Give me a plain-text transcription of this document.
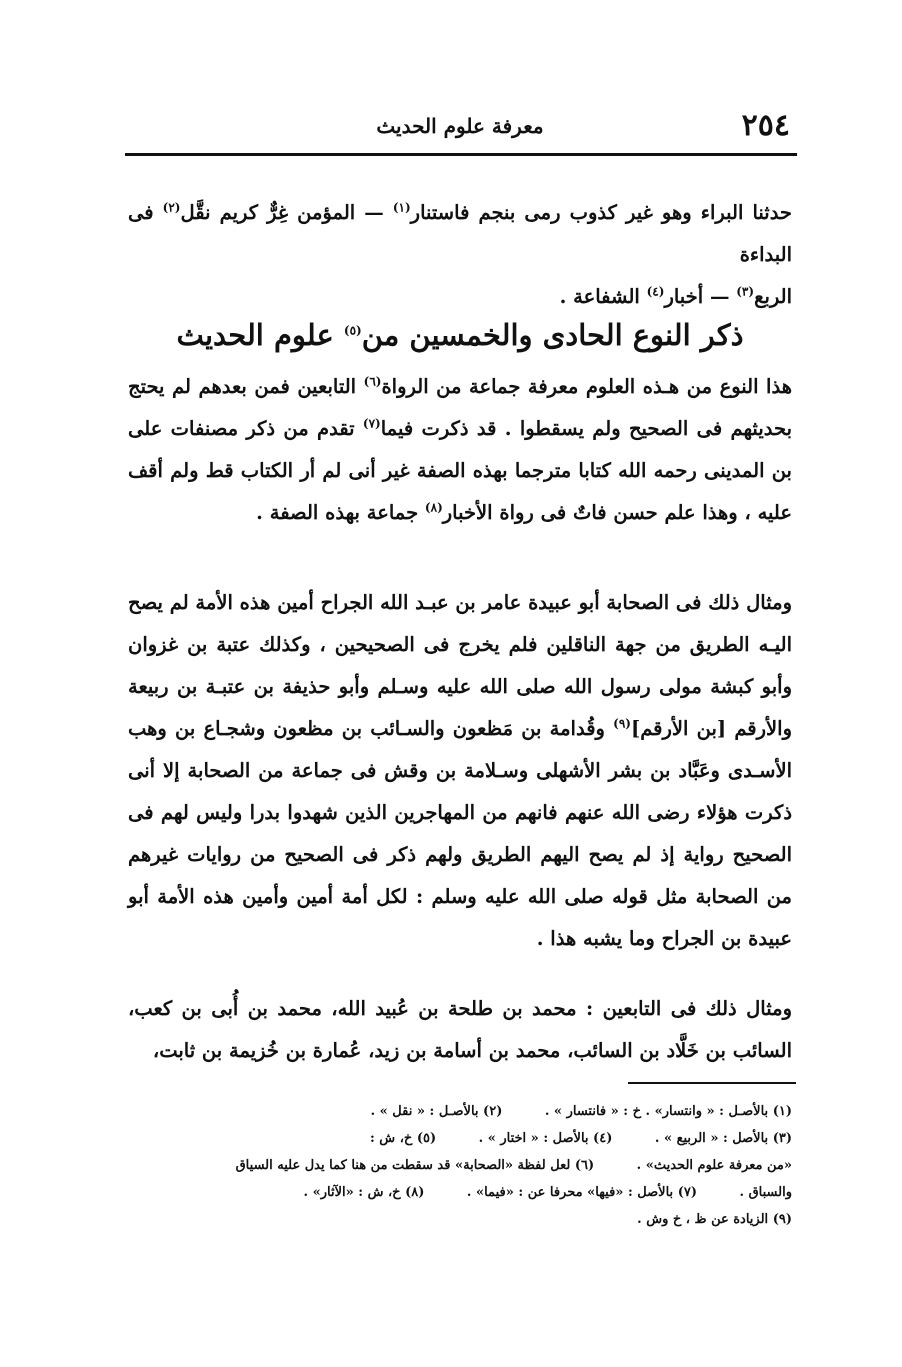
٢٥٤
معرفة علوم الحديث

حدثنا البراء وهو غير كذوب رمى بنجم فاستنار$^{(١)}$ — المؤمن غِرٌّ كريم نقَّل$^{(٢)}$ فى البداءة

الربع$^{(٣)}$ — أخبار$^{(٤)}$ الشفاعة .

ذكر النوع الحادى والخمسين من$^{(٥)}$ علوم الحديث

هذا النوع من هـذه العلوم معرفة جماعة من الرواة$^{(٦)}$ التابعين فمن بعدهم لم يحتج بحديثهم فى الصحيح ولم يسقطوا . قد ذكرت فيما$^{(٧)}$ تقدم من ذكر مصنفات على بن المدينى رحمه الله كتابا مترجما بهذه الصفة غير أنى لم أر الكتاب قط ولم أقف عليه ، وهذا علم حسن فاتٌ فى رواة الأخبار$^{(٨)}$ جماعة بهذه الصفة .

ومثال ذلك فى الصحابة أبو عبيدة عامر بن عبـد الله الجراح أمين هذه الأمة لم يصح اليـه الطريق من جهة الناقلين فلم يخرج فى الصحيحين ، وكذلك عتبة بن غزوان وأبو كبشة مولى رسول الله صلى الله عليه وسـلم وأبو حذيفة بن عتبـة بن ربيعة والأرقم [بن الأرقم]$^{(٩)}$ وقُدامة بن مَظعون والسـائب بن مظعون وشجـاع بن وهب الأسـدى وعَبَّاد بن بشر الأشهلى وسـلامة بن وقش فى جماعة من الصحابة إلا أنى ذكرت هؤلاء رضى الله عنهم فانهم من المهاجرين الذين شهدوا بدرا وليس لهم فى الصحيح رواية إذ لم يصح اليهم الطريق ولهم ذكر فى الصحيح من روايات غيرهم من الصحابة مثل قوله صلى الله عليه وسلم : لكل أمة أمين وأمين هذه الأمة أبو عبيدة بن الجراح وما يشبه هذا .

ومثال ذلك فى التابعين : محمد بن طلحة بن عُبيد الله، محمد بن أُبى بن كعب، السائب بن خَلَّاد بن السائب، محمد بن أسامة بن زيد، عُمارة بن خُزيمة بن ثابت،

(١) بالأصـل : « وانتسار» . خ : « فانتسار » . (٢) بالأصـل : « نقل » .
(٣) بالأصل : « الربيع » . (٤) بالأصل : « اختار » . (٥) خ، ش :
«من معرفة علوم الحديث» . (٦) لعل لفظة «الصحابة» قد سقطت من هنا كما يدل عليه السياق
والسباق . (٧) بالأصل : «فيها» محرفا عن : «فيما» . (٨) خ، ش : «الآثار» .
(٩) الزيادة عن ظ ، خ وش .
